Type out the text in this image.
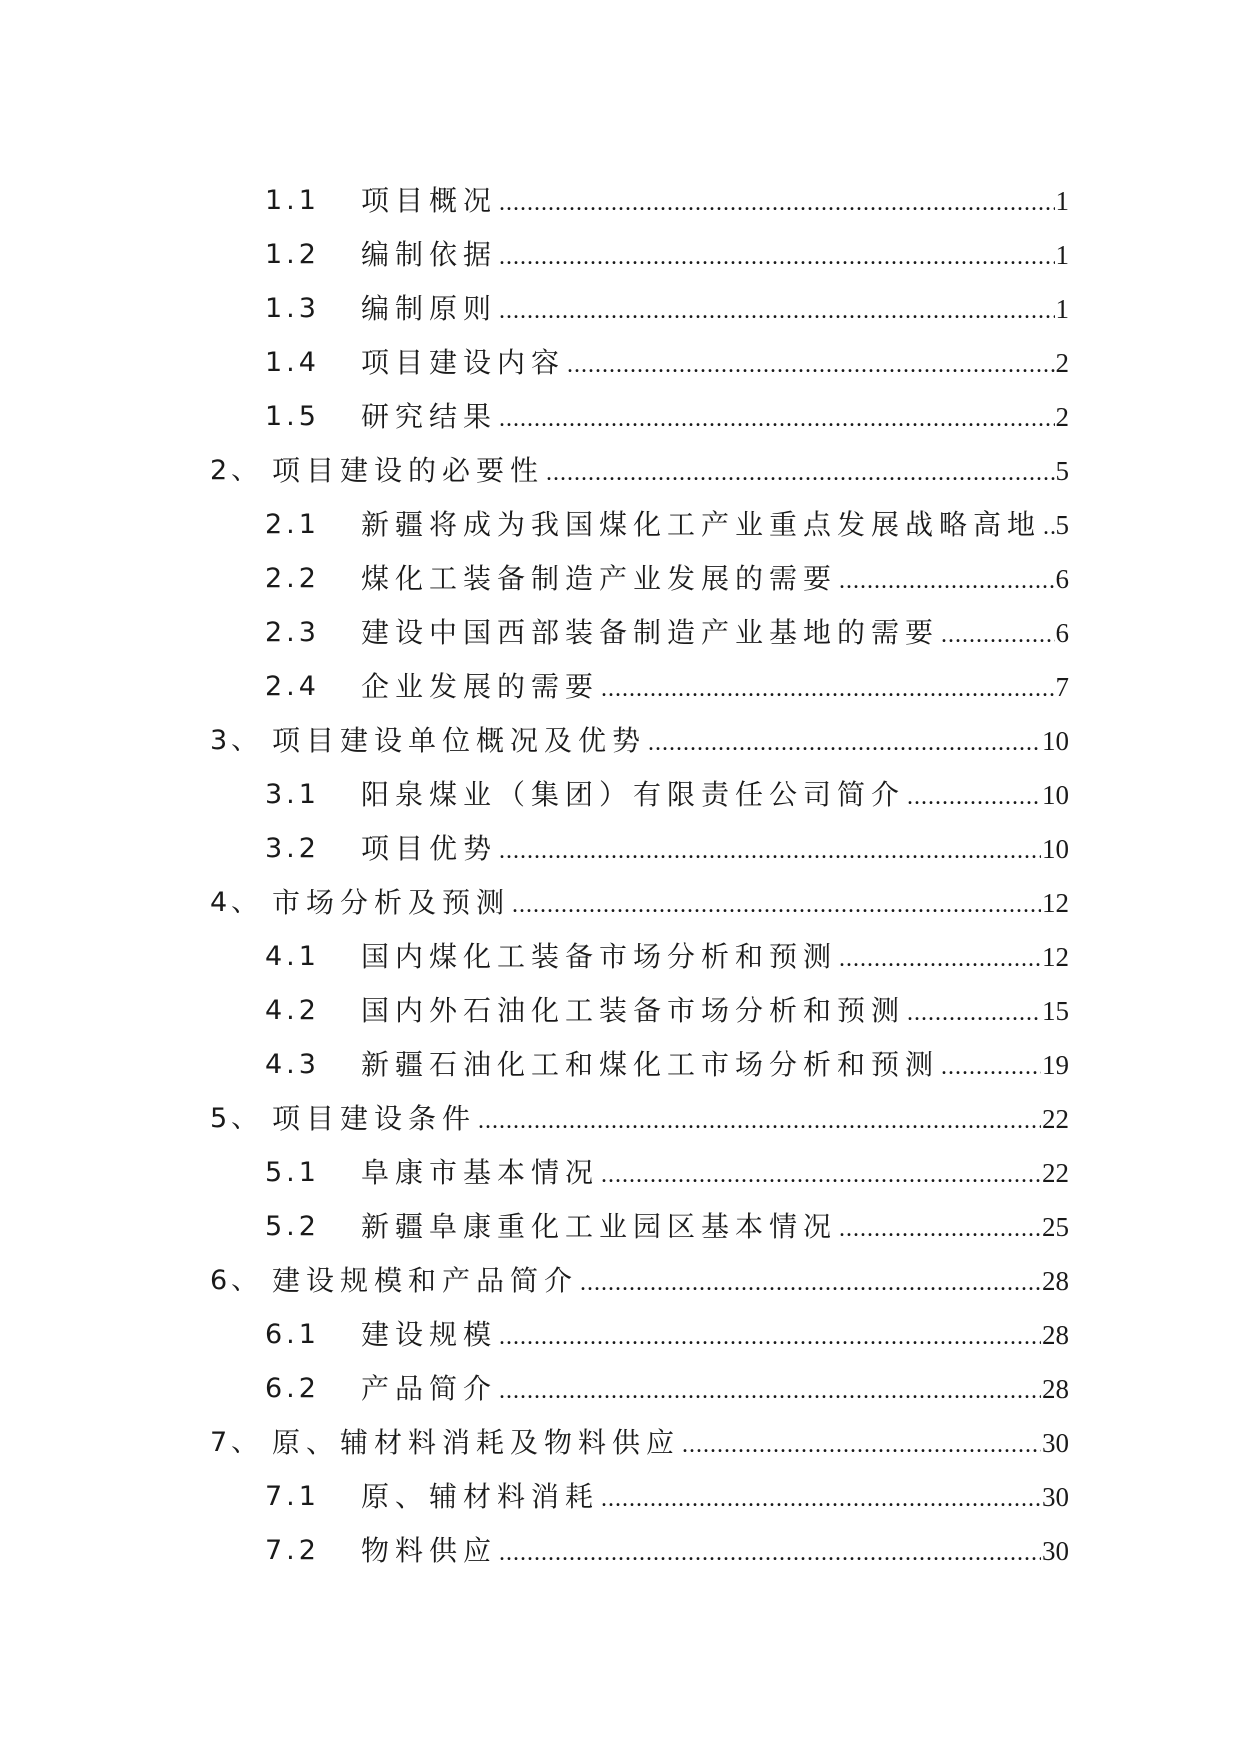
1.1 项目概况 .....	1
1.2 编制依据 .....	1
1.3 编制原则 .....	1
1.4 项目建设内容 .....	2
1.5 研究结果 .....	2
2、 项目建设的必要性 .....	5
2.1 新疆将成为我国煤化工产业重点发展战略高地 ..... 5
2.2 煤化工装备制造产业发展的需要 .....	6
2.3 建设中国西部装备制造产业基地的需要 .....	6
2.4 企业发展的需要 .....	7
3、 项目建设单位概况及优势 .....	10
3.1 阳泉煤业（集团）有限责任公司简介 .....	10
3.2 项目优势 .....	10
4、 市场分析及预测 .....	12
4.1 国内煤化工装备市场分析和预测 .....	12
4.2 国内外石油化工装备市场分析和预测 .....	15
4.3 新疆石油化工和煤化工市场分析和预测 .....	19
5、 项目建设条件 .....	22
5.1 阜康市基本情况 .....	22
5.2 新疆阜康重化工业园区基本情况 .....	25
6、 建设规模和产品简介 .....	28
6.1 建设规模 .....	28
6.2 产品简介 .....	28
7、 原、辅材料消耗及物料供应 .....	30
7.1 原、辅材料消耗 .....	30
7.2 物料供应 .....	30
